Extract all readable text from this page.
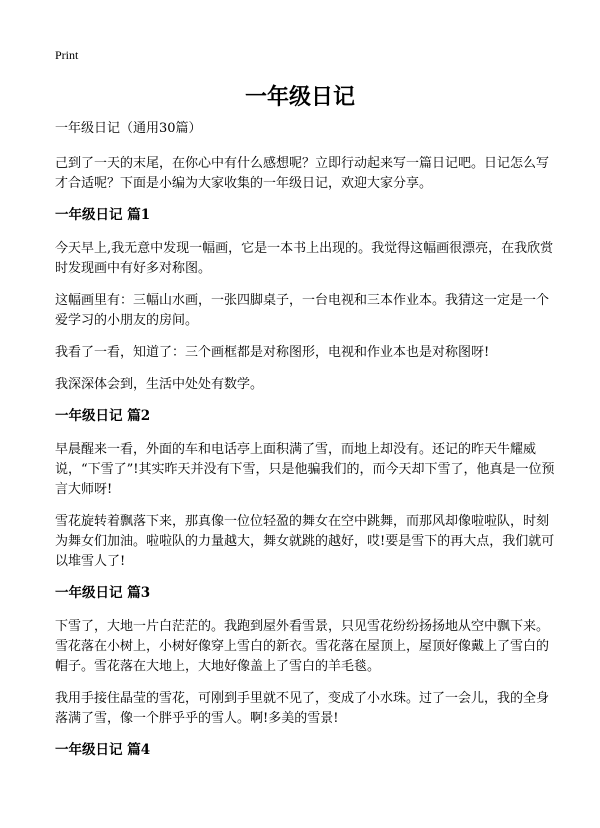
Print
一年级日记
一年级日记（通用30篇）
己到了一天的末尾，在你心中有什么感想呢？立即行动起来写一篇日记吧。日记怎么写才合适呢？下面是小编为大家收集的一年级日记，欢迎大家分享。
一年级日记 篇1
今天早上,我无意中发现一幅画，它是一本书上出现的。我觉得这幅画很漂亮，在我欣赏时发现画中有好多对称图。
这幅画里有：三幅山水画，一张四脚桌子，一台电视和三本作业本。我猜这一定是一个爱学习的小朋友的房间。
我看了一看，知道了：三个画框都是对称图形，电视和作业本也是对称图呀!
我深深体会到，生活中处处有数学。
一年级日记 篇2
早晨醒来一看，外面的车和电话亭上面积满了雪，而地上却没有。还记的昨天牛耀威说，“下雪了”!其实昨天并没有下雪，只是他骗我们的，而今天却下雪了，他真是一位预言大师呀!
雪花旋转着飘落下来，那真像一位位轻盈的舞女在空中跳舞，而那风却像啦啦队，时刻为舞女们加油。啦啦队的力量越大，舞女就跳的越好，哎!要是雪下的再大点，我们就可以堆雪人了!
一年级日记 篇3
下雪了，大地一片白茫茫的。我跑到屋外看雪景，只见雪花纷纷扬扬地从空中飘下来。雪花落在小树上，小树好像穿上雪白的新衣。雪花落在屋顶上，屋顶好像戴上了雪白的帽子。雪花落在大地上，大地好像盖上了雪白的羊毛毯。
我用手接住晶莹的雪花，可刚到手里就不见了，变成了小水珠。过了一会儿，我的全身落满了雪，像一个胖乎乎的雪人。啊!多美的雪景!
一年级日记 篇4
